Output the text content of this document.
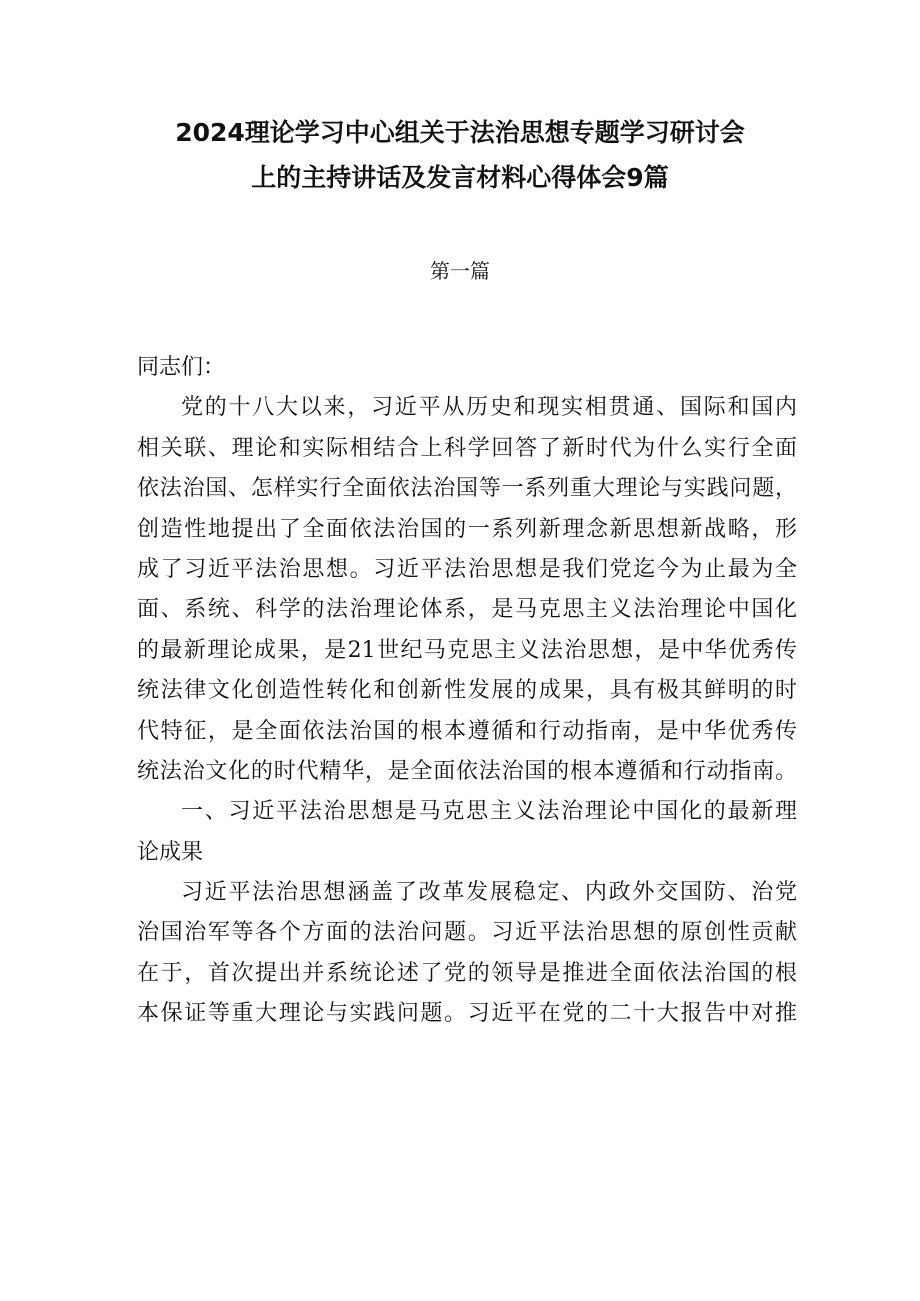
2024理论学习中心组关于法治思想专题学习研讨会
上的主持讲话及发言材料心得体会9篇
第一篇
同志们：
党的十八大以来，习近平从历史和现实相贯通、国际和国内
相关联、理论和实际相结合上科学回答了新时代为什么实行全面
依法治国、怎样实行全面依法治国等一系列重大理论与实践问题，
创造性地提出了全面依法治国的一系列新理念新思想新战略，形
成了习近平法治思想。习近平法治思想是我们党迄今为止最为全
面、系统、科学的法治理论体系，是马克思主义法治理论中国化
的最新理论成果，是21世纪马克思主义法治思想，是中华优秀传
统法律文化创造性转化和创新性发展的成果，具有极其鲜明的时
代特征，是全面依法治国的根本遵循和行动指南，是中华优秀传
统法治文化的时代精华，是全面依法治国的根本遵循和行动指南。
一、习近平法治思想是马克思主义法治理论中国化的最新理
论成果
习近平法治思想涵盖了改革发展稳定、内政外交国防、治党
治国治军等各个方面的法治问题。习近平法治思想的原创性贡献
在于，首次提出并系统论述了党的领导是推进全面依法治国的根
本保证等重大理论与实践问题。习近平在党的二十大报告中对推
